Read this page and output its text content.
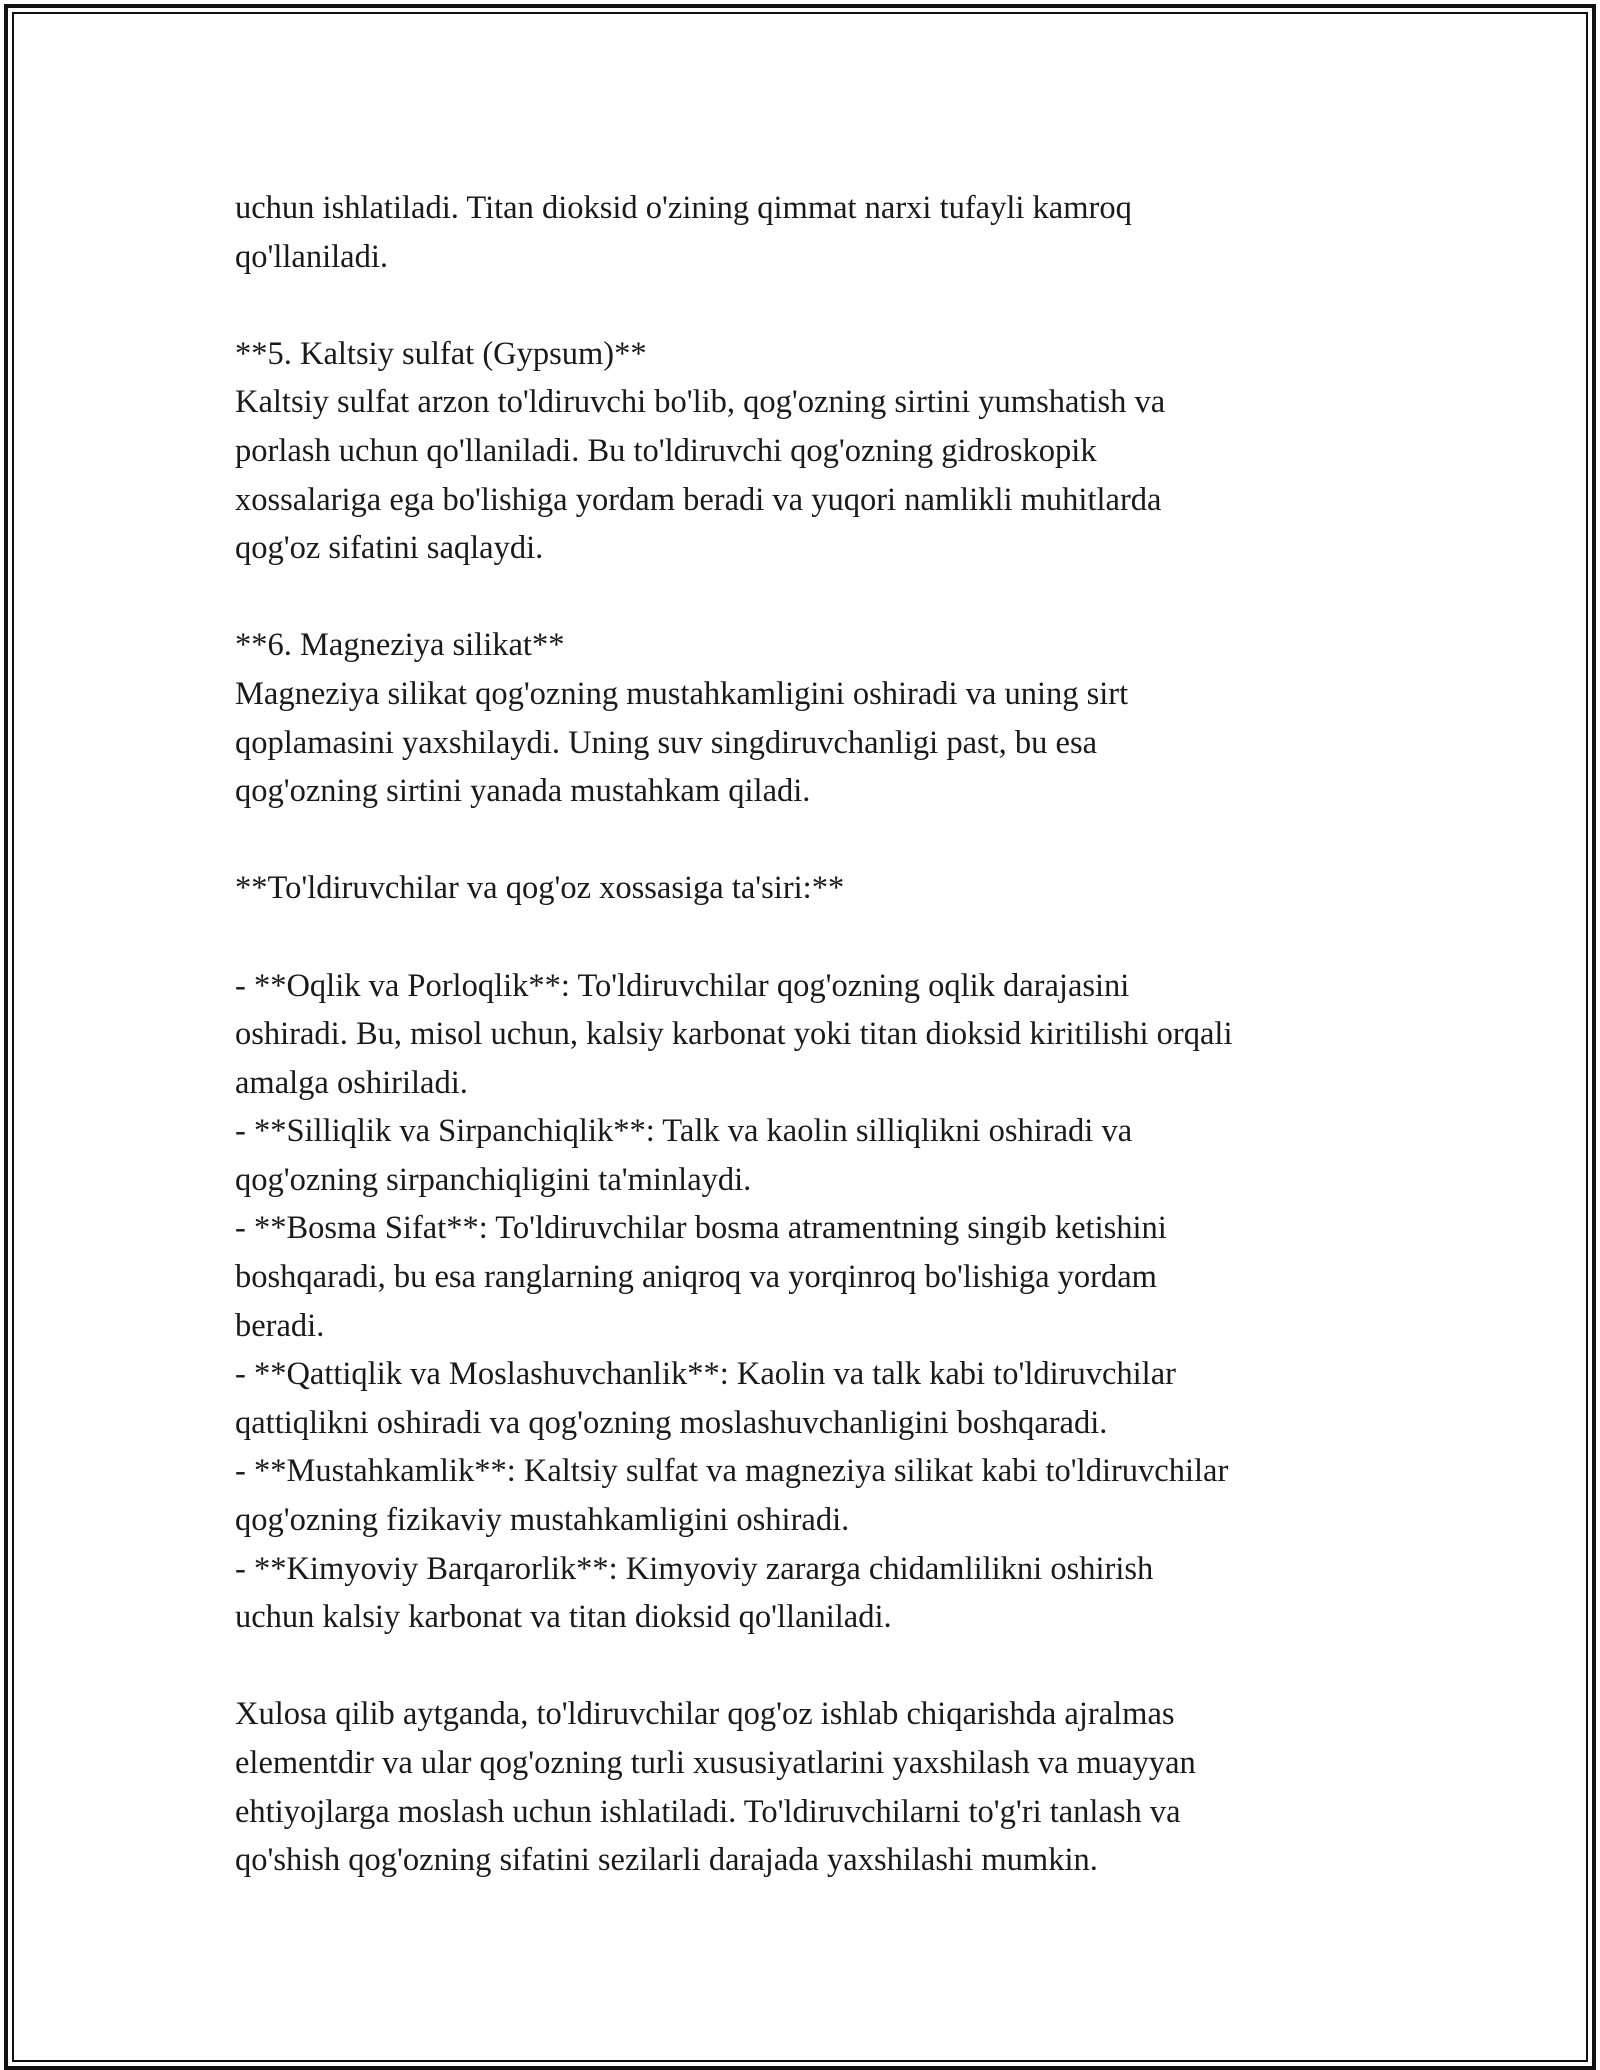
uchun ishlatiladi. Titan dioksid o'zining qimmat narxi tufayli kamroq
qo'llaniladi.
**5. Kaltsiy sulfat (Gypsum)**
Kaltsiy sulfat arzon to'ldiruvchi bo'lib, qog'ozning sirtini yumshatish va
porlash uchun qo'llaniladi. Bu to'ldiruvchi qog'ozning gidroskopik
xossalariga ega bo'lishiga yordam beradi va yuqori namlikli muhitlarda
qog'oz sifatini saqlaydi.
**6. Magneziya silikat**
Magneziya silikat qog'ozning mustahkamligini oshiradi va uning sirt
qoplamasini yaxshilaydi. Uning suv singdiruvchanligi past, bu esa
qog'ozning sirtini yanada mustahkam qiladi.
**To'ldiruvchilar va qog'oz xossasiga ta'siri:**
- **Oqlik va Porloqlik**: To'ldiruvchilar qog'ozning oqlik darajasini
oshiradi. Bu, misol uchun, kalsiy karbonat yoki titan dioksid kiritilishi orqali
amalga oshiriladi.
- **Silliqlik va Sirpanchiqlik**: Talk va kaolin silliqlikni oshiradi va
qog'ozning sirpanchiqligini ta'minlaydi.
- **Bosma Sifat**: To'ldiruvchilar bosma atramentning singib ketishini
boshqaradi, bu esa ranglarning aniqroq va yorqinroq bo'lishiga yordam
beradi.
- **Qattiqlik va Moslashuvchanlik**: Kaolin va talk kabi to'ldiruvchilar
qattiqlikni oshiradi va qog'ozning moslashuvchanligini boshqaradi.
- **Mustahkamlik**: Kaltsiy sulfat va magneziya silikat kabi to'ldiruvchilar
qog'ozning fizikaviy mustahkamligini oshiradi.
- **Kimyoviy Barqarorlik**: Kimyoviy zararga chidamlilikni oshirish
uchun kalsiy karbonat va titan dioksid qo'llaniladi.
Xulosa qilib aytganda, to'ldiruvchilar qog'oz ishlab chiqarishda ajralmas
elementdir va ular qog'ozning turli xususiyatlarini yaxshilash va muayyan
ehtiyojlarga moslash uchun ishlatiladi. To'ldiruvchilarni to'g'ri tanlash va
qo'shish qog'ozning sifatini sezilarli darajada yaxshilashi mumkin.
